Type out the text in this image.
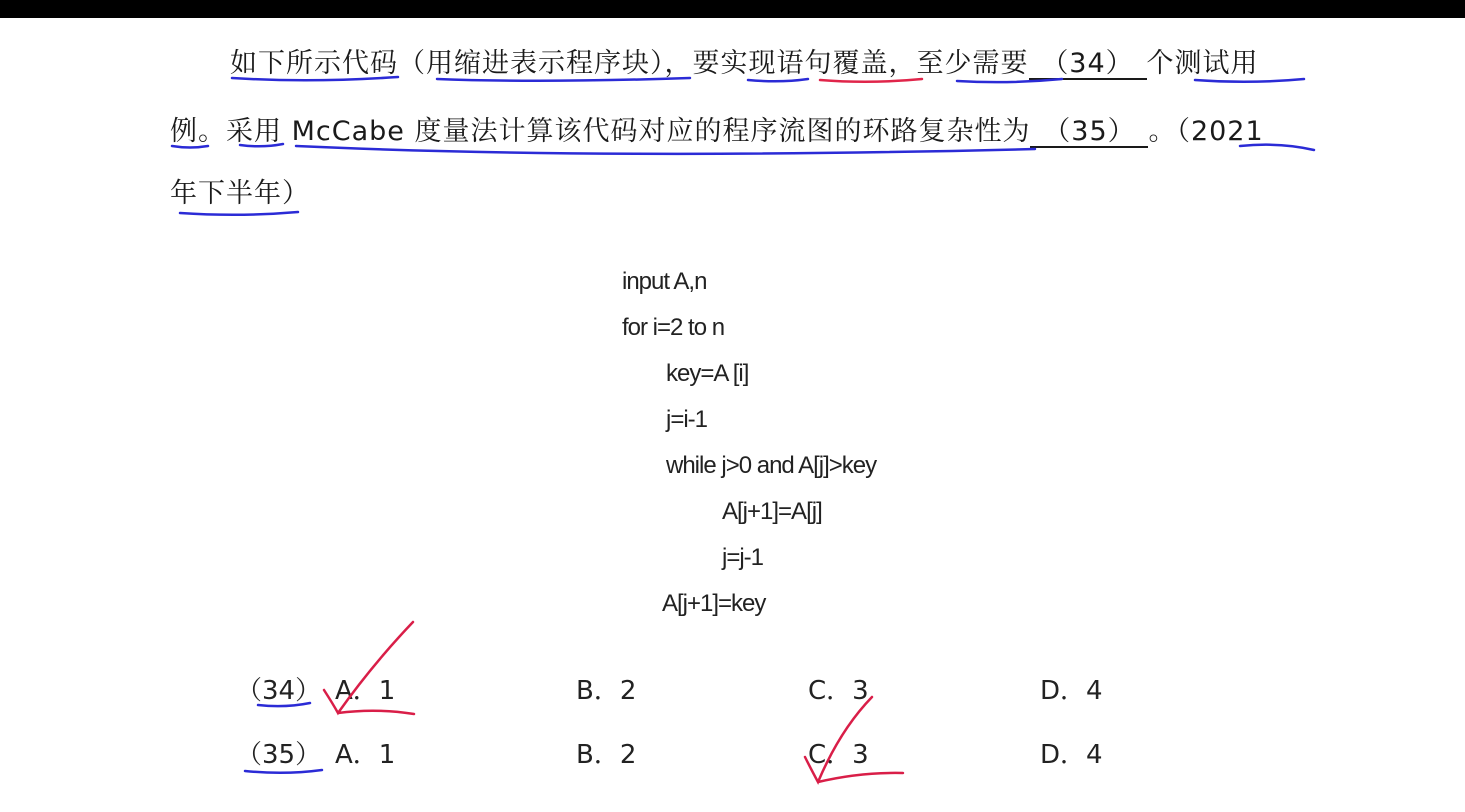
如下所示代码（用缩进表示程序块），要实现语句覆盖，至少需要 （34） 个测试用
例。采用 McCabe 度量法计算该代码对应的程序流图的环路复杂性为 （35） 。（2021
年下半年）
input A,n
for i=2 to n
key=A [i]
j=i-1
while j>0 and A[j]>key
A[j+1]=A[j]
j=j-1
A[j+1]=key
（34） A．1	B．2	C．3	D．4
（35） A．1	B．2	C．3	D．4
